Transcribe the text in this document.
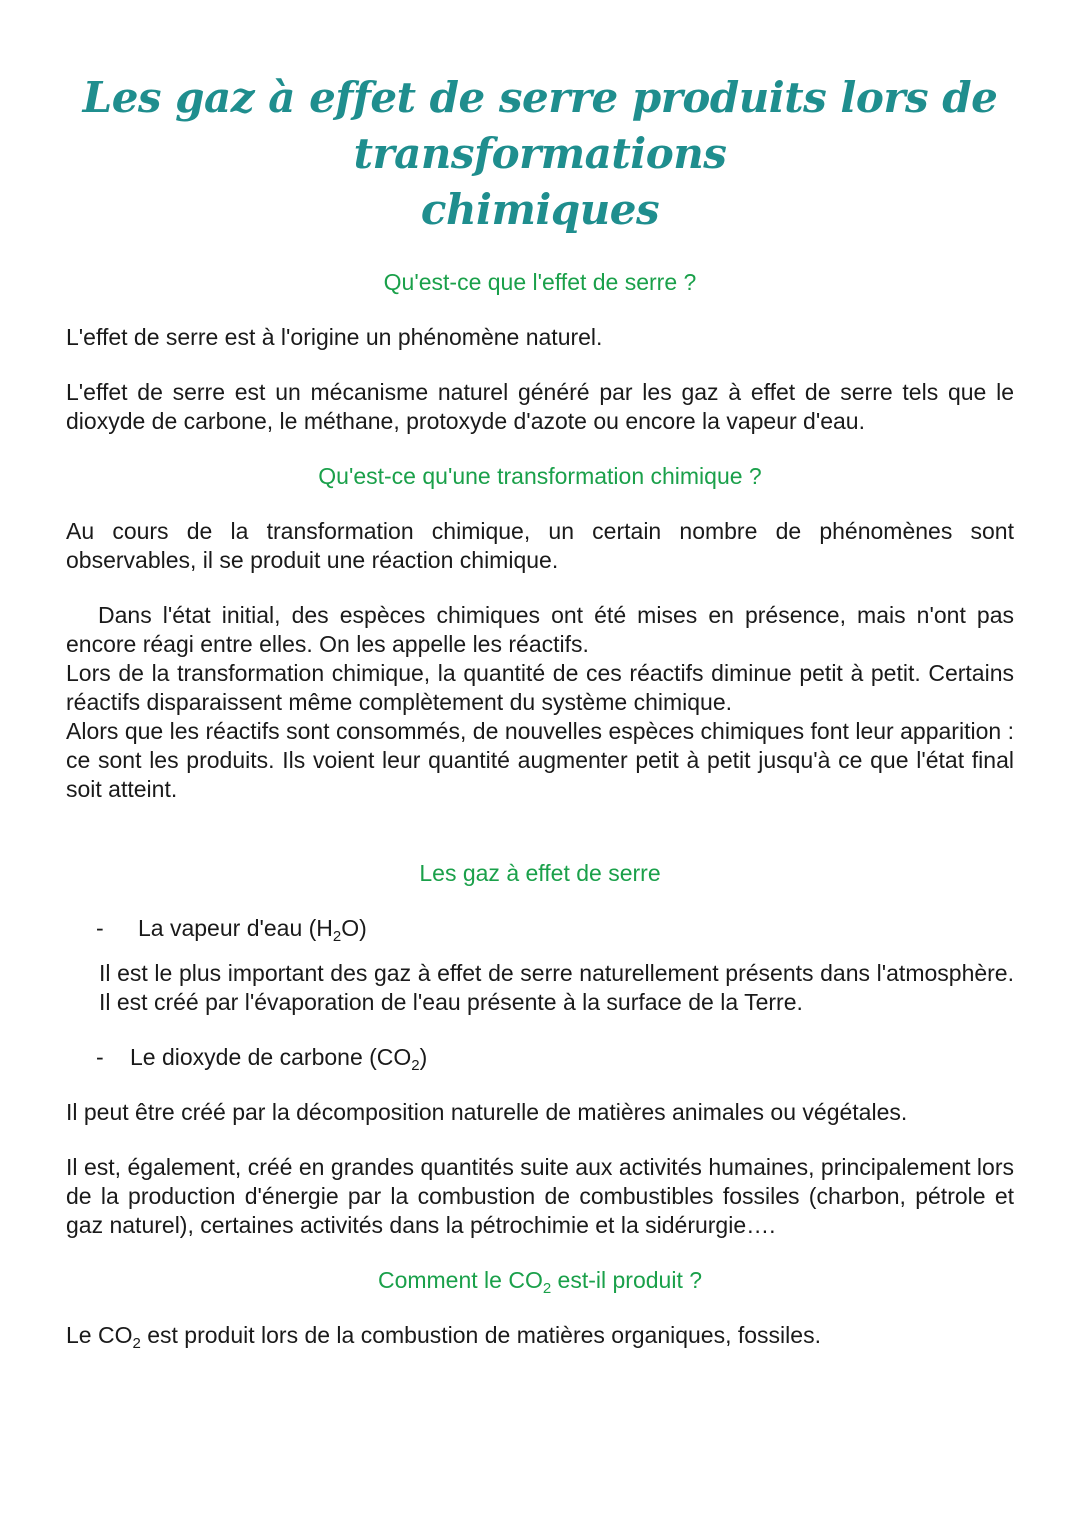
Les gaz à effet de serre produits lors de transformations
chimiques
Qu'est-ce que l'effet de serre ?

L'effet de serre est à l'origine un phénomène naturel.

L'effet de serre est un mécanisme naturel généré par les gaz à effet de serre tels que le dioxyde de carbone, le méthane, protoxyde d'azote ou encore la vapeur d'eau.

Qu'est-ce qu'une transformation chimique ?

Au cours de la transformation chimique, un certain nombre de phénomènes sont observables, il se produit une réaction chimique.

Dans l'état initial, des espèces chimiques ont été mises en présence, mais n'ont pas encore réagi entre elles. On les appelle les réactifs.

Lors de la transformation chimique, la quantité de ces réactifs diminue petit à petit. Certains réactifs disparaissent même complètement du système chimique.

Alors que les réactifs sont consommés, de nouvelles espèces chimiques font leur apparition : ce sont les produits. Ils voient leur quantité augmenter petit à petit jusqu'à ce que l'état final soit atteint.

Les gaz à effet de serre
-	La vapeur d'eau $(H_2O)$

Il est le plus important des gaz à effet de serre naturellement présents dans l'atmosphère. Il est créé par l'évaporation de l'eau présente à la surface de la Terre.

-	Le dioxyde de carbone $(CO_2)$

Il peut être créé par la décomposition naturelle de matières animales ou végétales.

Il est, également, créé en grandes quantités suite aux activités humaines, principalement lors de la production d'énergie par la combustion de combustibles fossiles (charbon, pétrole et gaz naturel), certaines activités dans la pétrochimie et la sidérurgie….

Comment le $CO_2$ est-il produit ?

Le $CO_2$ est produit lors de la combustion de matières organiques, fossiles.
